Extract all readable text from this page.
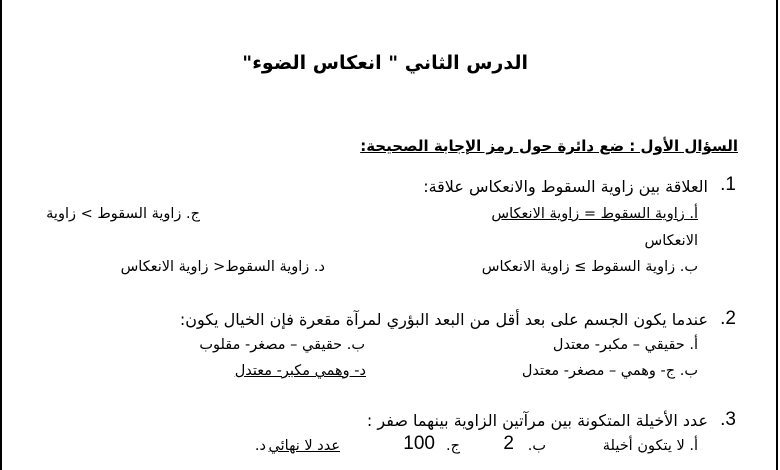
الدرس الثاني " انعكاس الضوء"
السؤال الأول : ضع دائرة حول رمز الإجابة الصحيحة:
1.
العلاقة بين زاوية السقوط والانعكاس علاقة:
أ. زاوية السقوط = زاوية الانعكاس
ج. زاوية السقوط > زاوية
الانعكاس
ب. زاوية السقوط ≥ زاوية الانعكاس
د. زاوية السقوط< زاوية الانعكاس
2.
عندما يكون الجسم على بعد أقل من البعد البؤري لمرآة مقعرة فإن الخيال يكون:
أ. حقيقي – مكبر- معتدل
ب. حقيقي – مصغر- مقلوب
ب. ج- وهمي – مصغر- معتدل
د- وهمي مكبر- معتدل
3.
عدد الأخيلة المتكونة بين مرآتين الزاوية بينهما صفر :
أ. لا يتكون أخيلة
ب.
2
ج.
100
د. عدد لا نهائي
